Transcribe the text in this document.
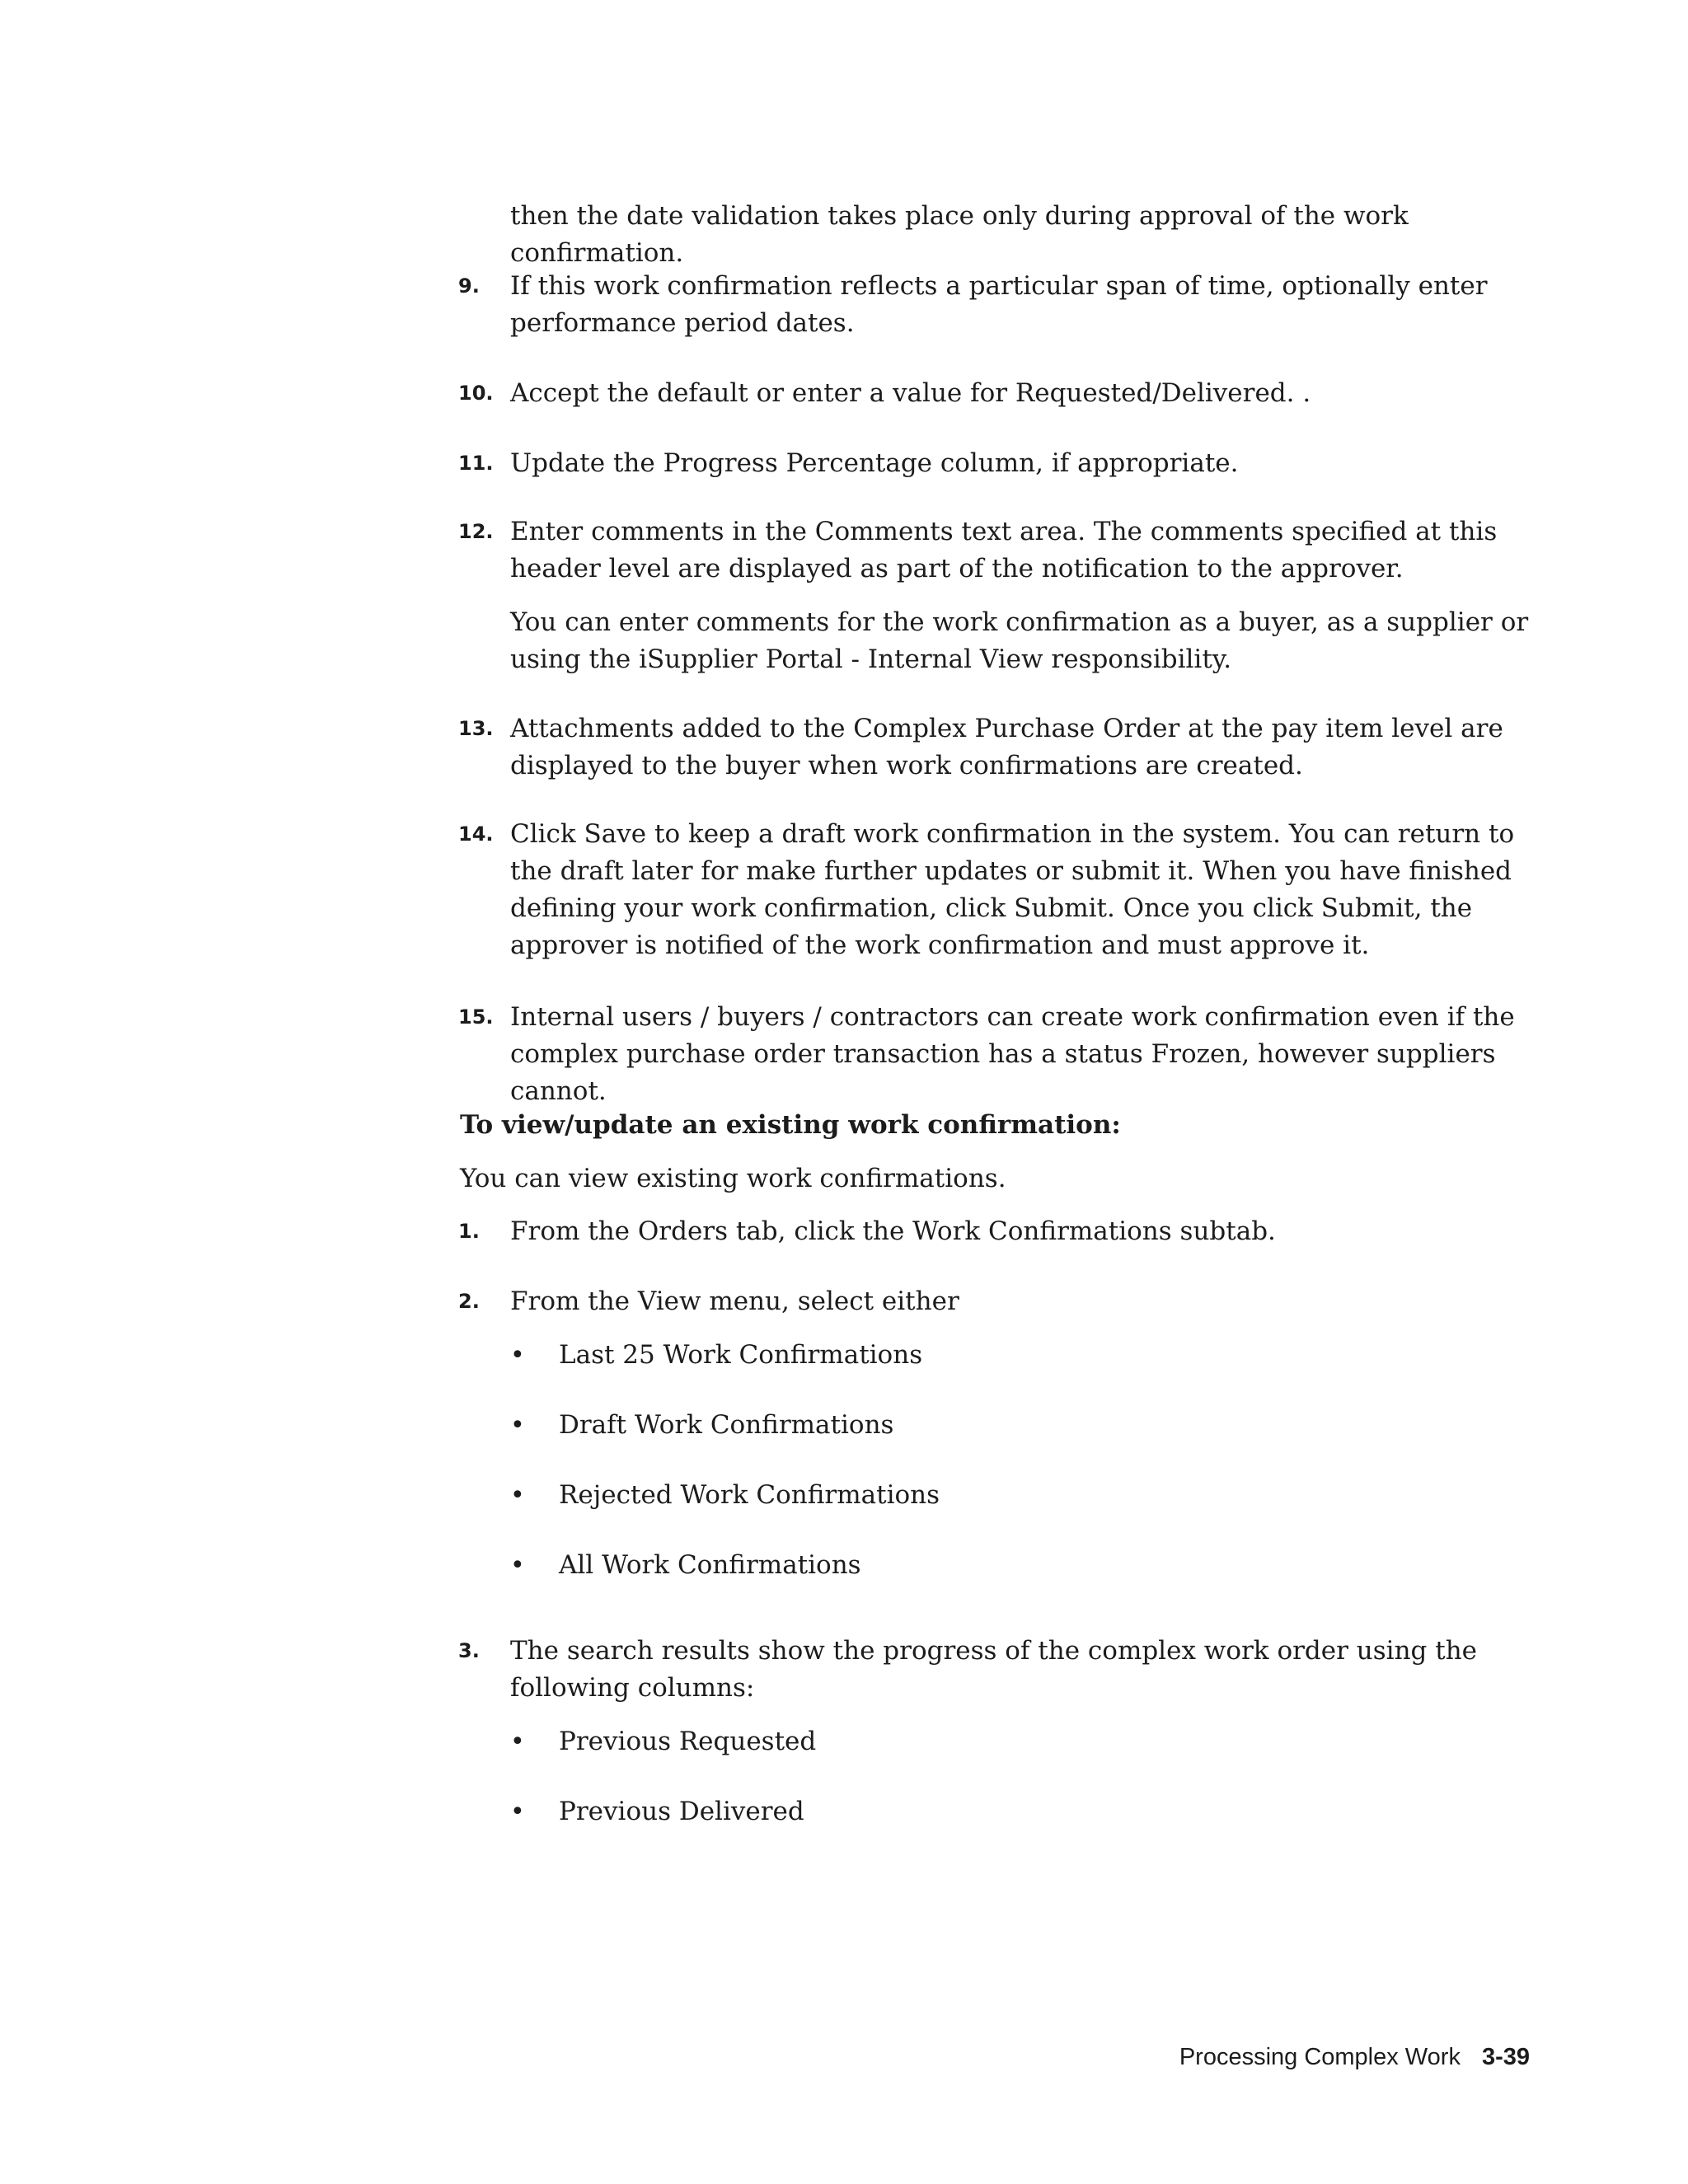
then the date validation takes place only during approval of the work confirmation.
9. If this work confirmation reflects a particular span of time, optionally enter performance period dates.
10. Accept the default or enter a value for Requested/Delivered. .
11. Update the Progress Percentage column, if appropriate.
12. Enter comments in the Comments text area. The comments specified at this header level are displayed as part of the notification to the approver.
You can enter comments for the work confirmation as a buyer, as a supplier or using the iSupplier Portal - Internal View responsibility.
13. Attachments added to the Complex Purchase Order at the pay item level are displayed to the buyer when work confirmations are created.
14. Click Save to keep a draft work confirmation in the system. You can return to the draft later for make further updates or submit it. When you have finished defining your work confirmation, click Submit. Once you click Submit, the approver is notified of the work confirmation and must approve it.
15. Internal users / buyers / contractors can create work confirmation even if the complex purchase order transaction has a status Frozen, however suppliers cannot.
To view/update an existing work confirmation:
You can view existing work confirmations.
1. From the Orders tab, click the Work Confirmations subtab.
2. From the View menu, select either
• Last 25 Work Confirmations
• Draft Work Confirmations
• Rejected Work Confirmations
• All Work Confirmations
3. The search results show the progress of the complex work order using the following columns:
• Previous Requested
• Previous Delivered
Processing Complex Work 3-39
